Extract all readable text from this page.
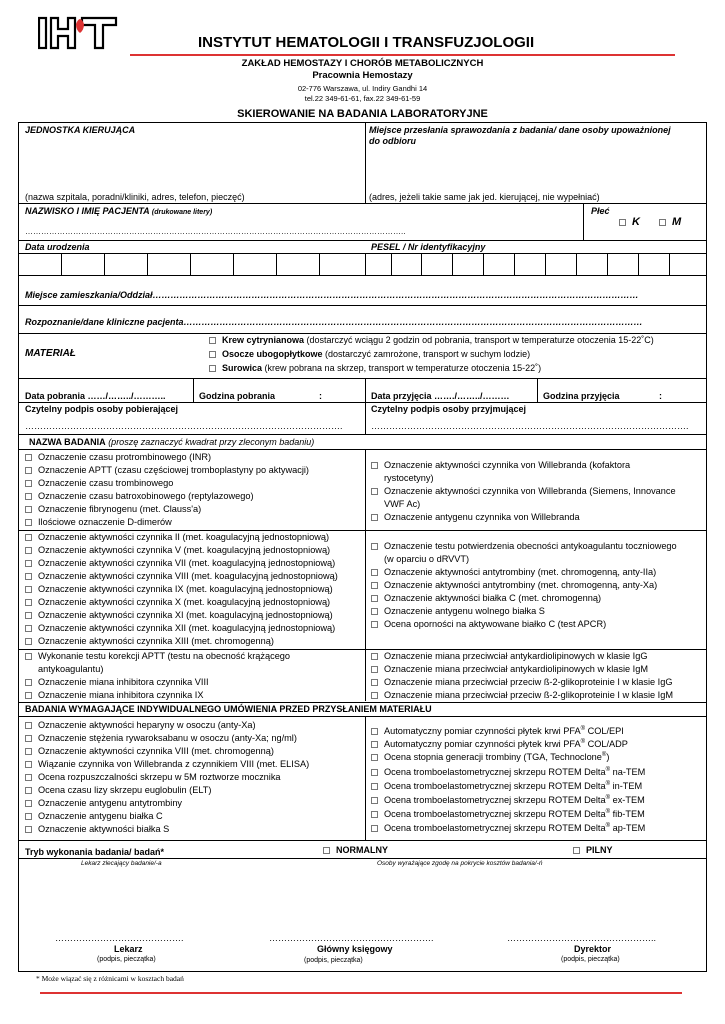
IHiT	INSTYTUT HEMATOLOGII I TRANSFUZJOLOGII
ZAKŁAD HEMOSTAZY I CHORÓB METABOLICZNYCH
Pracownia Hemostazy
02-776 Warszawa, ul. Indiry Gandhi 14
tel.22 349-61-61, fax.22 349-61-59
SKIEROWANIE NA BADANIA LABORATORYJNE
JEDNOSTKA KIERUJĄCA
(nazwa szpitala, poradni/kliniki, adres, telefon, pieczęć)
Miejsce przesłania sprawozdania z badania/ dane osoby upoważnionej
do odbioru
(adres, jeżeli takie same jak jed. kierującej, nie wypełniać)
NAZWISKO I IMIĘ PACJENTA (drukowane litery)
……………………………………………………………………………………………………………………………..
Płeć
K	M
Data urodzenia	PESEL / Nr identyfikacyjny
Miejsce zamieszkania/Oddział………………………………………………………………………………………………………………………………………………
Rozpoznanie/dane kliniczne pacjenta………………………………………………………………………………………………………………………………………
MATERIAŁ
Krew cytrynianowa (dostarczyć wciągu 2 godzin od pobrania, transport w temperaturze otoczenia 15-22˚C)
Osocze ubogopłytkowe (dostarczyć zamrożone, transport w suchym lodzie)
Surowica (krew pobrana na skrzep, transport w temperaturze otoczenia 15-22˚)
Data pobrania ……/……../………..	Godzina pobrania	:	Data przyjęcia ……./……../………	Godzina przyjęcia	:
Czytelny podpis osoby pobierającej	Czytelny podpis osoby przyjmującej
…………………………………………………………………………………………….	…………………………………………………………………………………………….
NAZWA BADANIA (proszę zaznaczyć kwadrat przy zleconym badaniu)
Oznaczenie czasu protrombinowego (INR)
Oznaczenie APTT (czasu częściowej tromboplastyny po aktywacji)
Oznaczenie czasu trombinowego
Oznaczenie czasu batroxobinowego (reptylazowego)
Oznaczenie fibrynogenu (met. Clauss'a)
Ilościowe oznaczenie D-dimerów
Oznaczenie aktywności czynnika von Willebranda (kofaktora
rystocetyny)
Oznaczenie aktywności czynnika von Willebranda (Siemens, Innovance
VWF Ac)
Oznaczenie antygenu czynnika von Willebranda
Oznaczenie aktywności czynnika II (met. koagulacyjną jednostopniową)
Oznaczenie aktywności czynnika V (met. koagulacyjną jednostopniową)
Oznaczenie aktywności czynnika VII (met. koagulacyjną jednostopniową)
Oznaczenie aktywności czynnika VIII (met. koagulacyjną jednostopniową)
Oznaczenie aktywności czynnika IX (met. koagulacyjną jednostopniową)
Oznaczenie aktywności czynnika X (met. koagulacyjną jednostopniową)
Oznaczenie aktywności czynnika XI (met. koagulacyjną jednostopniową)
Oznaczenie aktywności czynnika XII (met. koagulacyjną jednostopniową)
Oznaczenie aktywności czynnika XIII (met. chromogenną)
Oznaczenie testu potwierdzenia obecności antykoagulantu toczniowego
(w oparciu o dRVVT)
Oznaczenie aktywności antytrombiny (met. chromogenną, anty-IIa)
Oznaczenie aktywności antytrombiny (met. chromogenną, anty-Xa)
Oznaczenie aktywności białka C (met. chromogenną)
Oznaczenie antygenu wolnego białka S
Ocena oporności na aktywowane białko C (test APCR)
Wykonanie testu korekcji APTT (testu na obecność krążącego
antykoagulantu)
Oznaczenie miana inhibitora czynnika VIII
Oznaczenie miana inhibitora czynnika IX
Oznaczenie miana przeciwciał antykardiolipinowych w klasie IgG
Oznaczenie miana przeciwciał antykardiolipinowych w klasie IgM
Oznaczenie miana przeciwciał przeciw ß-2-glikoproteinie I w klasie IgG
Oznaczenie miana przeciwciał przeciw ß-2-glikoproteinie I w klasie IgM
BADANIA WYMAGAJĄCE INDYWIDUALNEGO UMÓWIENIA PRZED PRZYSŁANIEM MATERIAŁU
Oznaczenie aktywności heparyny w osoczu (anty-Xa)
Oznaczenie stężenia rywaroksabanu w osoczu (anty-Xa; ng/ml)
Oznaczenie aktywności czynnika VIII (met. chromogenną)
Wiązanie czynnika von Willebranda z czynnikiem VIII (met. ELISA)
Ocena rozpuszczalności skrzepu w 5M roztworze mocznika
Ocena czasu lizy skrzepu euglobulin (ELT)
Oznaczenie antygenu antytrombiny
Oznaczenie antygenu białka C
Oznaczenie aktywności białka S
Automatyczny pomiar czynności płytek krwi PFA® COL/EPI
Automatyczny pomiar czynności płytek krwi PFA® COL/ADP
Ocena stopnia generacji trombiny (TGA, Technoclone®)
Ocena tromboelastometrycznej skrzepu ROTEM Delta® na-TEM
Ocena tromboelastometrycznej skrzepu ROTEM Delta® in-TEM
Ocena tromboelastometrycznej skrzepu ROTEM Delta® ex-TEM
Ocena tromboelastometrycznej skrzepu ROTEM Delta® fib-TEM
Ocena tromboelastometrycznej skrzepu ROTEM Delta® ap-TEM
Tryb wykonania badania/ badań*	NORMALNY	PILNY
Lekarz zlecający badanie/-a	Osoby wyrażające zgodę na pokrycie kosztów badania/-ń
…………………………………….	……………………………………………….	…………………………………………..
Lekarz	Główny księgowy	Dyrektor
(podpis, pieczątka)	(podpis, pieczątka)	(podpis, pieczątka)
* Może wiązać się z różnicami w kosztach badań
